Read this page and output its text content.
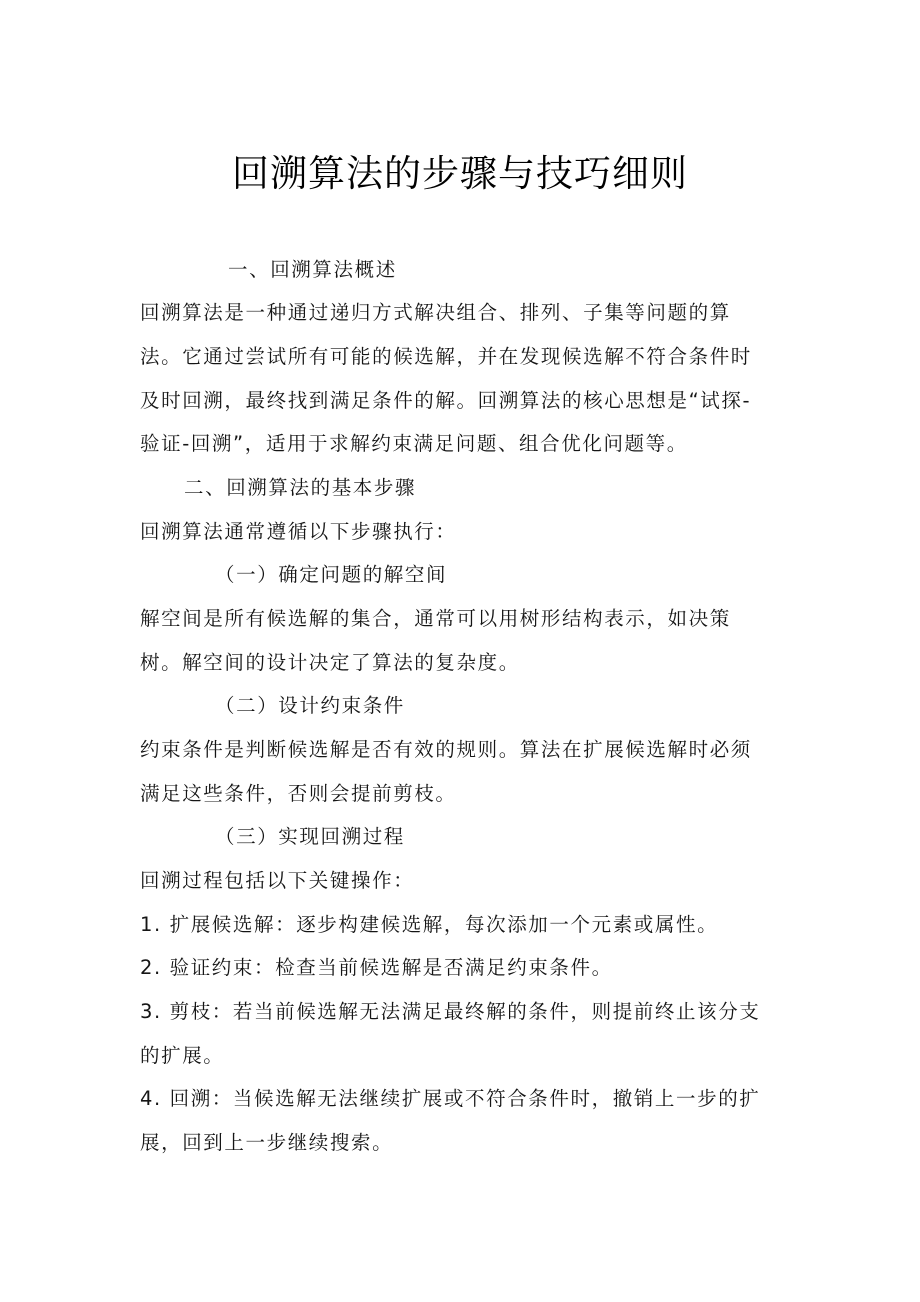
回溯算法的步骤与技巧细则

一、回溯算法概述

回溯算法是一种通过递归方式解决组合、排列、子集等问题的算

法。它通过尝试所有可能的候选解，并在发现候选解不符合条件时

及时回溯，最终找到满足条件的解。回溯算法的核心思想是“试探-

验证-回溯”，适用于求解约束满足问题、组合优化问题等。

二、回溯算法的基本步骤

回溯算法通常遵循以下步骤执行：

（一）确定问题的解空间

解空间是所有候选解的集合，通常可以用树形结构表示，如决策

树。解空间的设计决定了算法的复杂度。

（二）设计约束条件

约束条件是判断候选解是否有效的规则。算法在扩展候选解时必须

满足这些条件，否则会提前剪枝。

（三）实现回溯过程

回溯过程包括以下关键操作：

1. 扩展候选解：逐步构建候选解，每次添加一个元素或属性。

2. 验证约束：检查当前候选解是否满足约束条件。

3. 剪枝：若当前候选解无法满足最终解的条件，则提前终止该分支

的扩展。

4. 回溯：当候选解无法继续扩展或不符合条件时，撤销上一步的扩

展，回到上一步继续搜索。
